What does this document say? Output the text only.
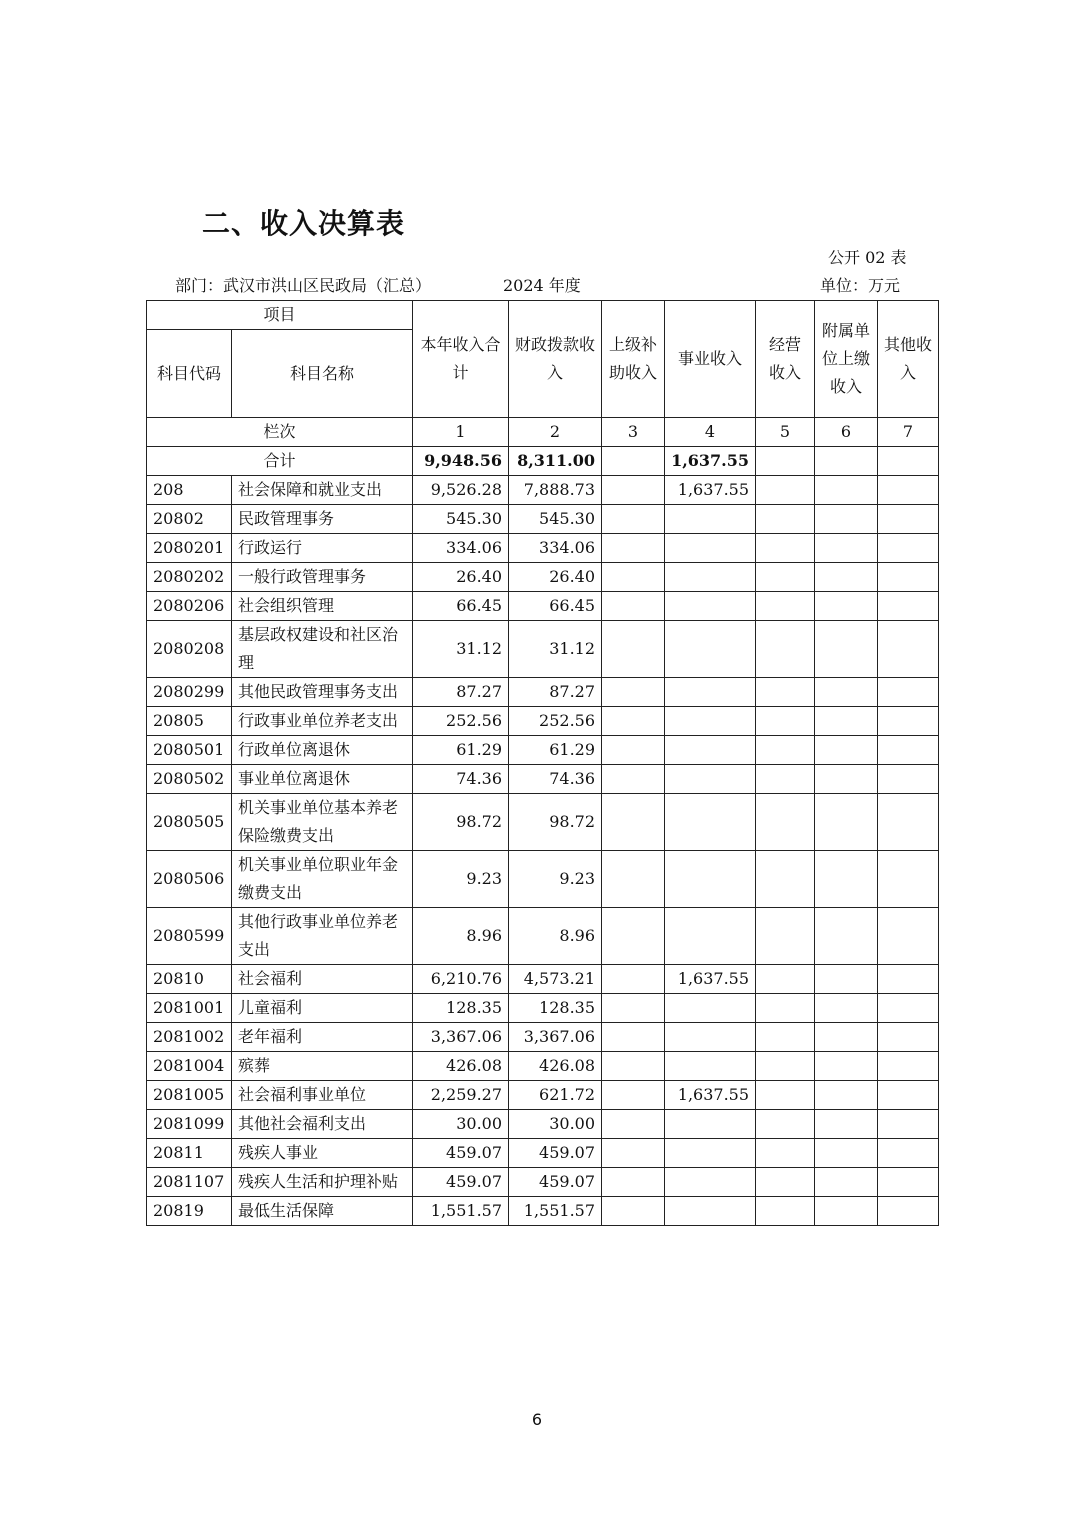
二、收入决算表
公开 02 表
部门：武汉市洪山区民政局（汇总）	2024 年度	单位：万元
项目		本年收入合计	财政拨款收入	上级补助收入	事业收入	经营收入	附属单位上缴收入	其他收入
科目代码	科目名称							
栏次		1	2	3	4	5	6	7
合计		9,948.56	8,311.00		1,637.55			
208	社会保障和就业支出	9,526.28	7,888.73		1,637.55			
20802	民政管理事务	545.30	545.30					
2080201	行政运行	334.06	334.06					
2080202	一般行政管理事务	26.40	26.40					
2080206	社会组织管理	66.45	66.45					
2080208	基层政权建设和社区治理	31.12	31.12					
2080299	其他民政管理事务支出	87.27	87.27					
20805	行政事业单位养老支出	252.56	252.56					
2080501	行政单位离退休	61.29	61.29					
2080502	事业单位离退休	74.36	74.36					
2080505	机关事业单位基本养老保险缴费支出	98.72	98.72					
2080506	机关事业单位职业年金缴费支出	9.23	9.23					
2080599	其他行政事业单位养老支出	8.96	8.96					
20810	社会福利	6,210.76	4,573.21		1,637.55			
2081001	儿童福利	128.35	128.35					
2081002	老年福利	3,367.06	3,367.06					
2081004	殡葬	426.08	426.08					
2081005	社会福利事业单位	2,259.27	621.72		1,637.55			
2081099	其他社会福利支出	30.00	30.00					
20811	残疾人事业	459.07	459.07					
2081107	残疾人生活和护理补贴	459.07	459.07					
20819	最低生活保障	1,551.57	1,551.57					
6
